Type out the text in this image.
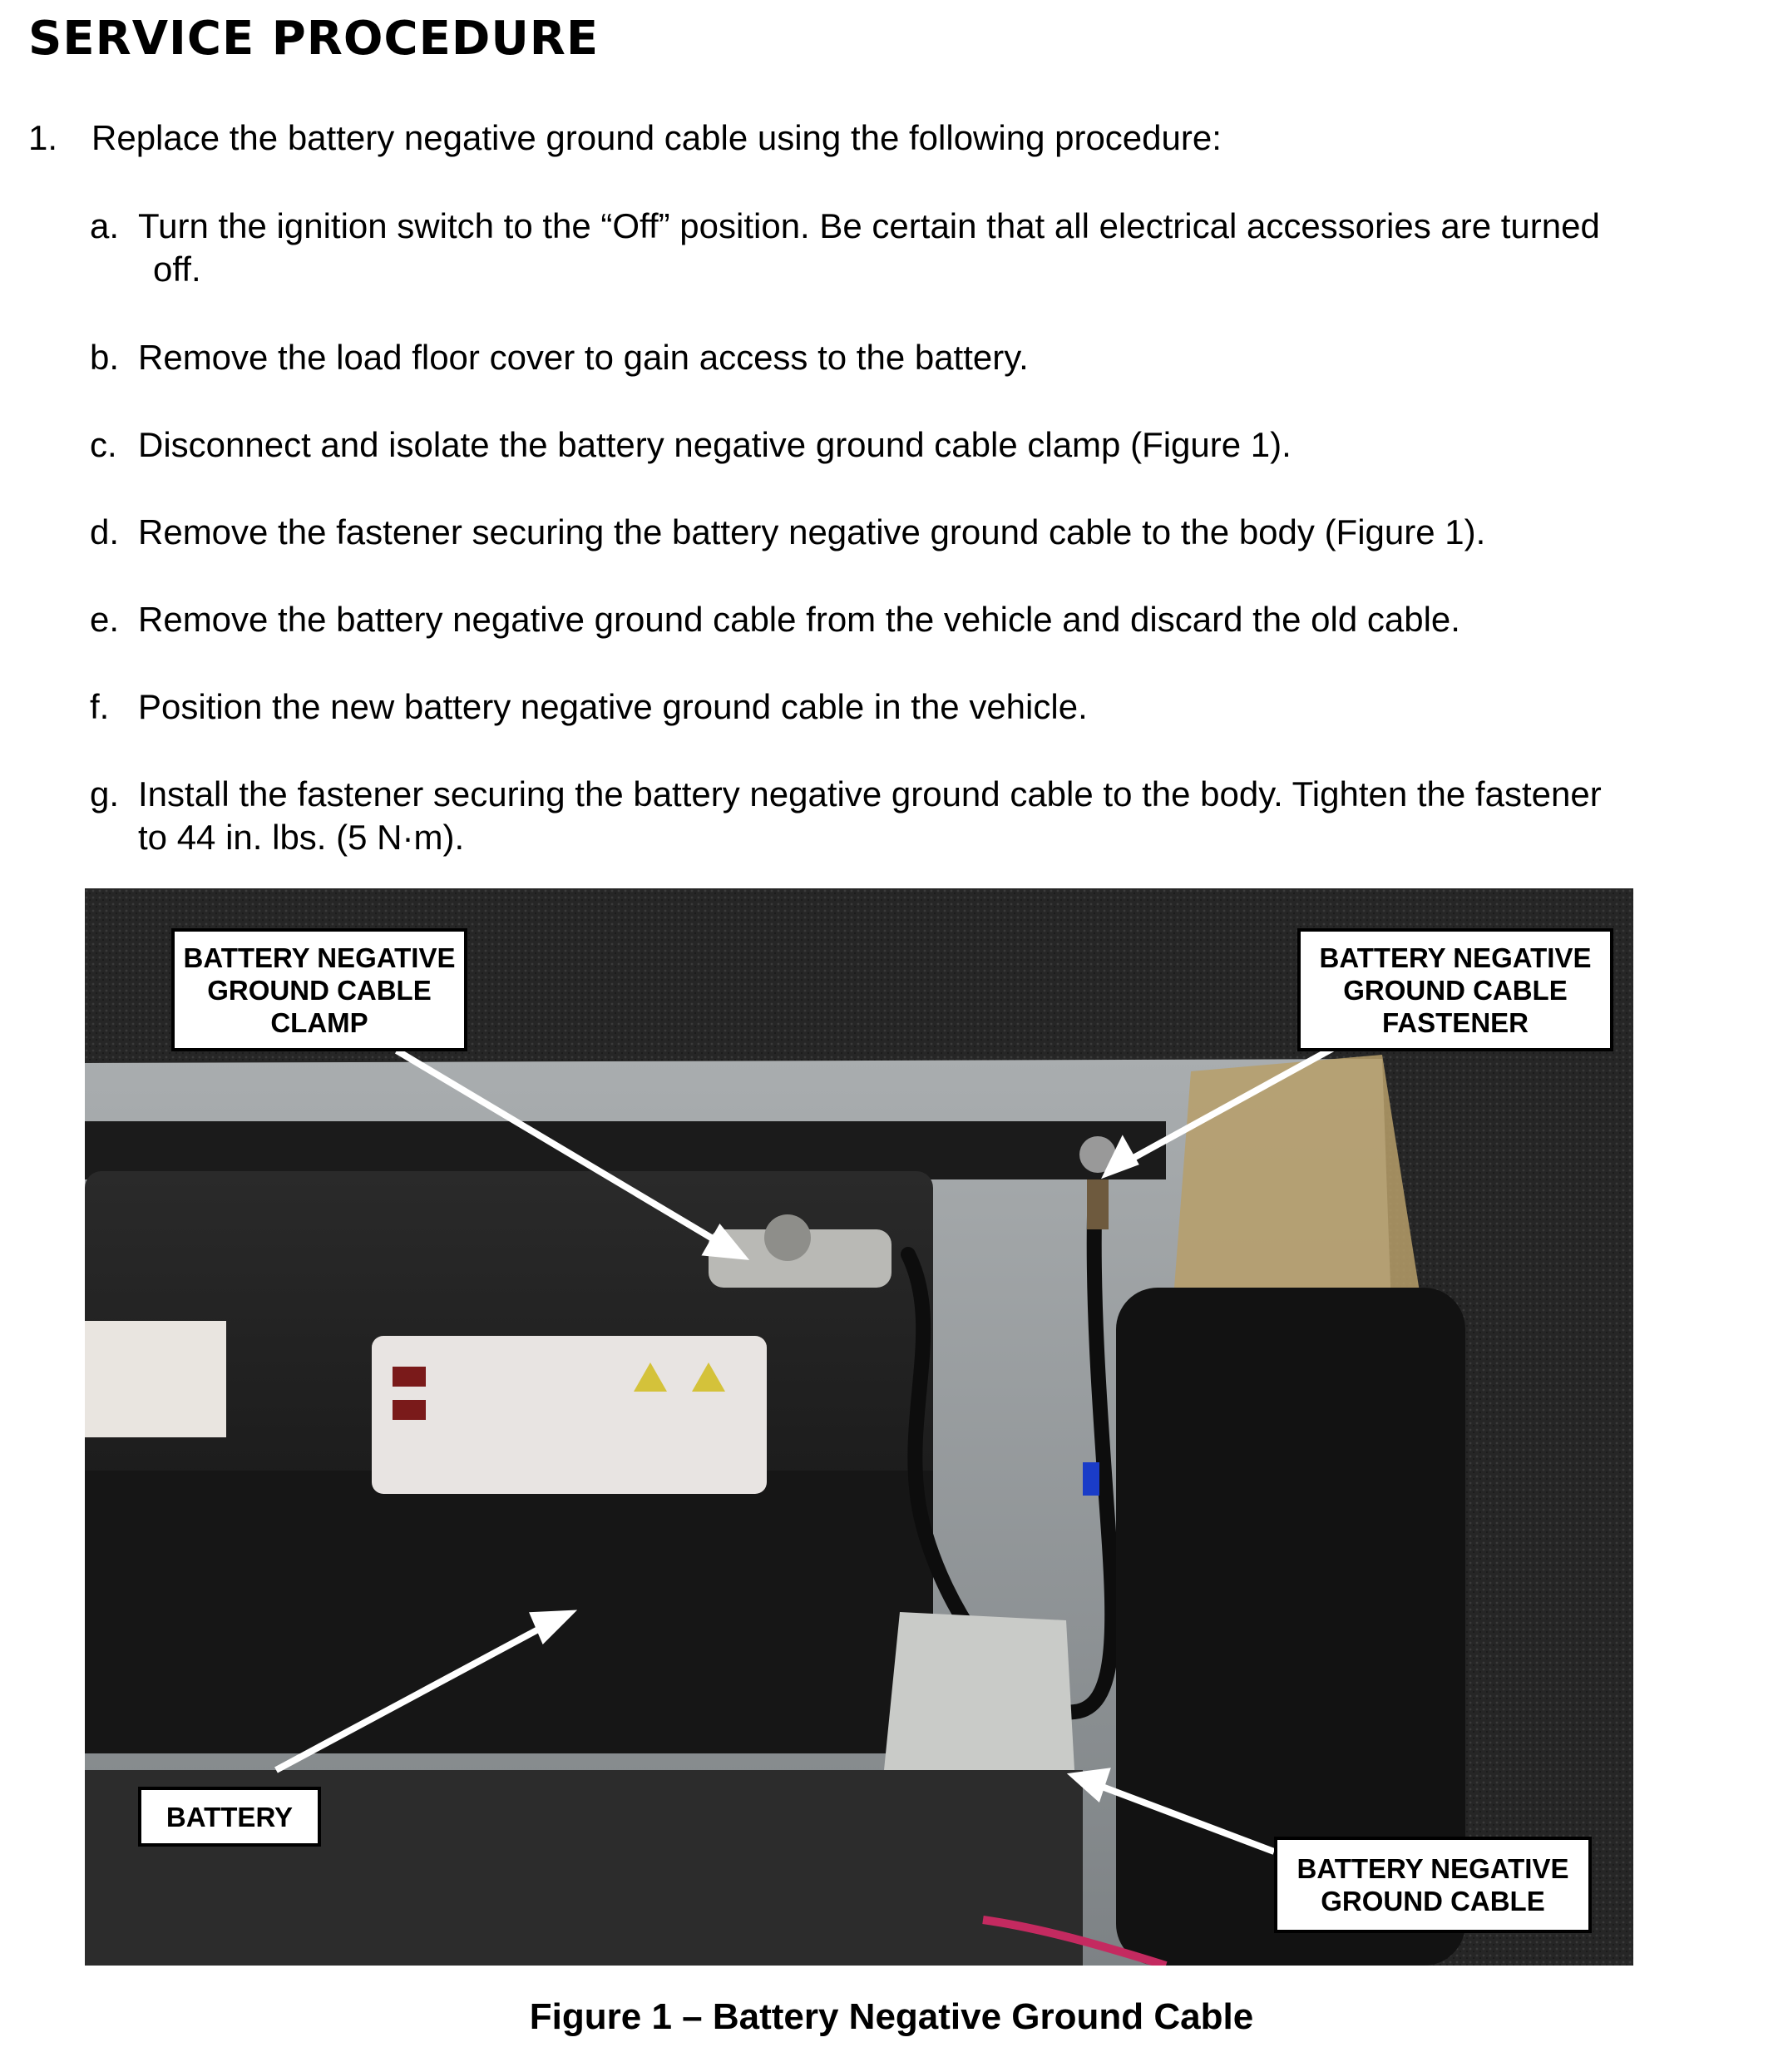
SERVICE PROCEDURE
1. Replace the battery negative ground cable using the following procedure:
a. Turn the ignition switch to the “Off” position. Be certain that all electrical accessories are turned
off.
b. Remove the load floor cover to gain access to the battery.
c. Disconnect and isolate the battery negative ground cable clamp (Figure 1).
d. Remove the fastener securing the battery negative ground cable to the body (Figure 1).
e. Remove the battery negative ground cable from the vehicle and discard the old cable.
f. Position the new battery negative ground cable in the vehicle.
g. Install the fastener securing the battery negative ground cable to the body. Tighten the fastener
to 44 in. lbs. (5 N·m).
BATTERY NEGATIVE
GROUND CABLE
CLAMP
BATTERY NEGATIVE
GROUND CABLE
FASTENER
BATTERY
BATTERY NEGATIVE
GROUND CABLE
Figure 1 – Battery Negative Ground Cable
